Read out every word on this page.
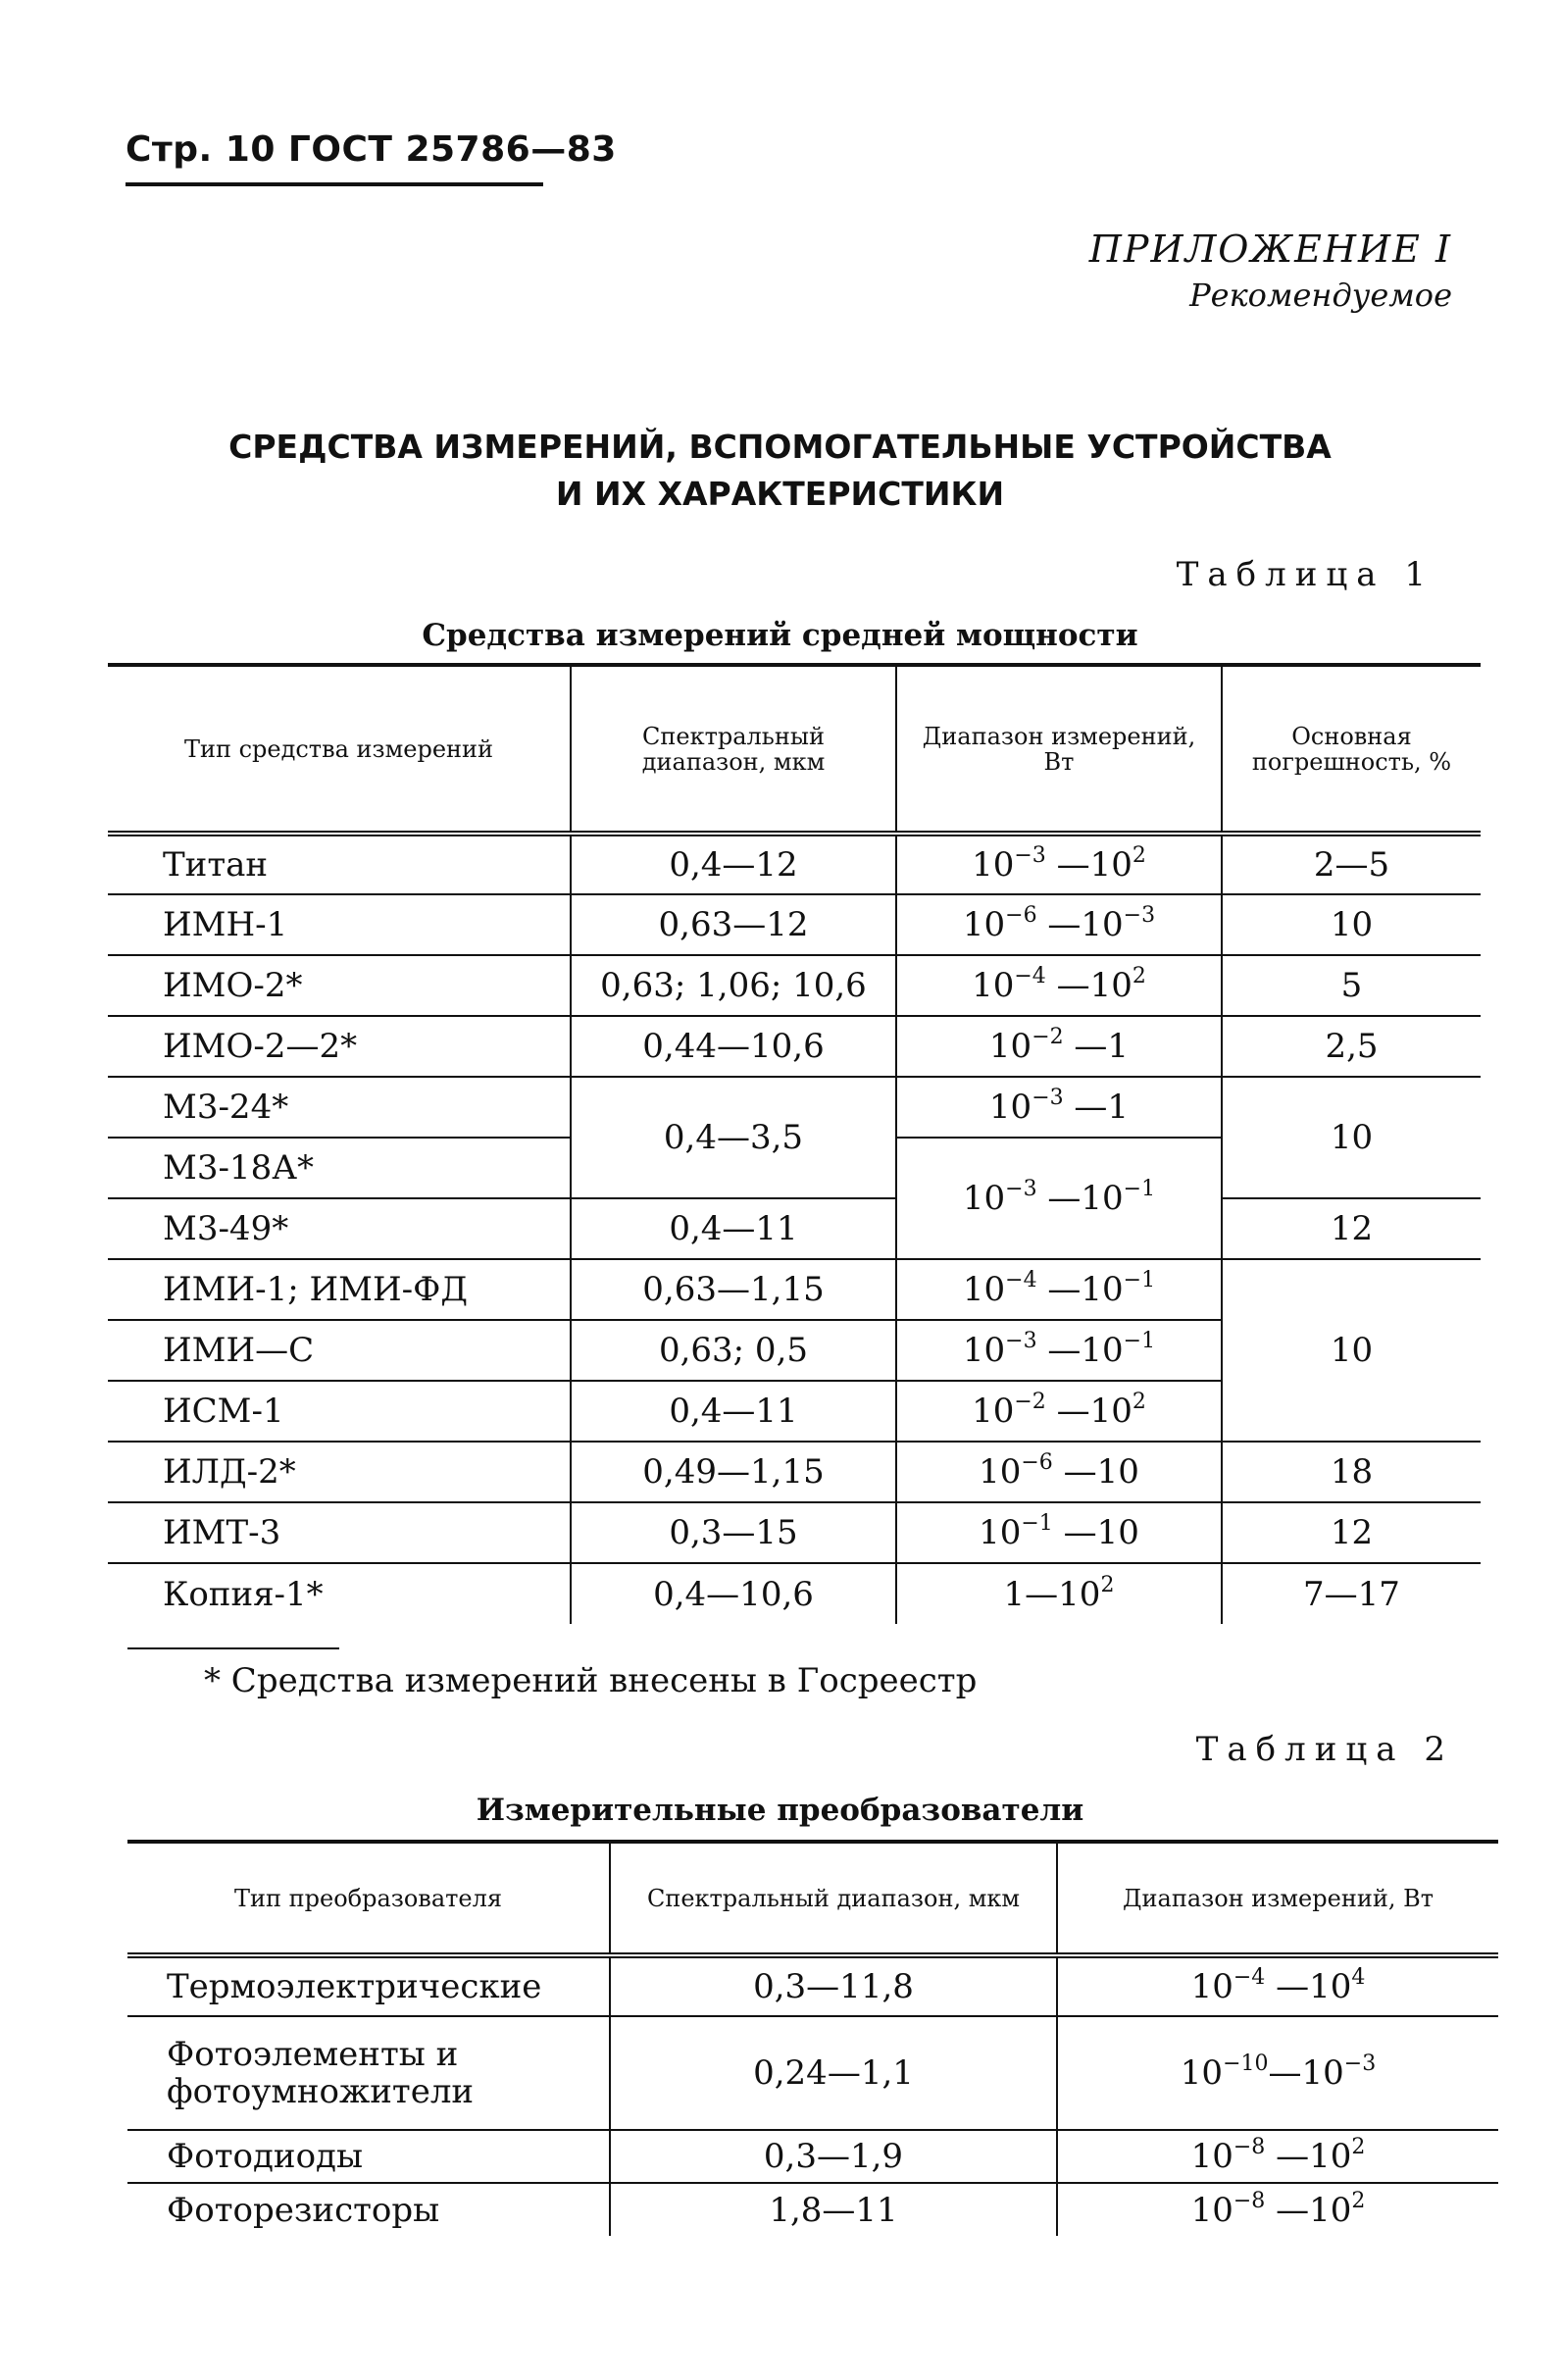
Стр. 10 ГОСТ 25786—83
ПРИЛОЖЕНИЕ I
Рекомендуемое
СРЕДСТВА ИЗМЕРЕНИЙ, ВСПОМОГАТЕЛЬНЫЕ УСТРОЙСТВА
И ИХ ХАРАКТЕРИСТИКИ
Таблица 1
Средства измерений средней мощности
Тип средства измерений	Спектральный диапазон, мкм	Диапазон измерений, Вт	Основная погрешность, %
Титан	0,4—12	$10^{-3}$ $—10^2$	2—5
ИМН-1	0,63—12	$10^{-6}$ $—10^{-3}$	10
ИМО-2*	0,63; 1,06; 10,6	$10^{-4}$ $—10^2$	5
ИМО-2—2*	0,44—10,6	$10^{-2}$ —1	2,5
М3-24*	0,4—3,5	$10^{-3}$ —1	10
М3-18А*		$10^{-3}$ $—10^{-1}$
М3-49*	0,4—11		12
ИМИ-1; ИМИ-ФД	0,63—1,15	$10^{-4}$ $—10^{-1}$	10
ИМИ—С	0,63; 0,5	$10^{-3}$ $—10^{-1}$
ИСМ-1	0,4—11	$10^{-2}$ $—10^2$
ИЛД-2*	0,49—1,15	$10^{-6}$ —10	18
ИМТ-3	0,3—15	$10^{-1}$ —10	12
Копия-1*	0,4—10,6	$1—10^2$	7—17
* Средства измерений внесены в Госреестр
Таблица 2
Измерительные преобразователи
Тип преобразователя	Спектральный диапазон, мкм	Диапазон измерений, Вт
Термоэлектрические	0,3—11,8	$10^{-4}$ $—10^4$
Фотоэлементы и фотоумножители	0,24—1,1	$10^{-10}—10^{-3}$
Фотодиоды	0,3—1,9	$10^{-8}$ $—10^2$
Фоторезисторы	1,8—11	$10^{-8}$ $—10^2$
